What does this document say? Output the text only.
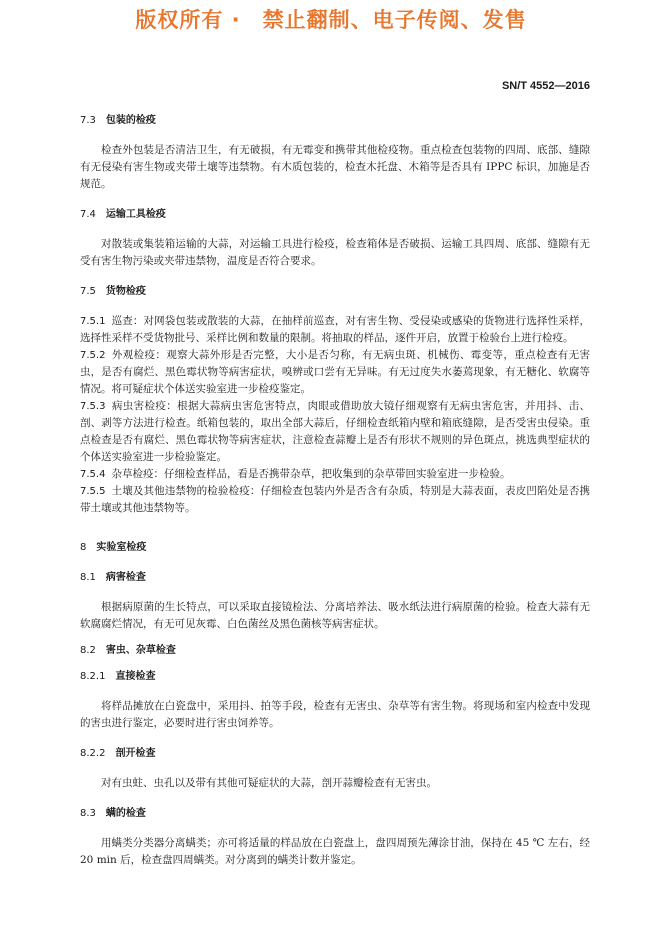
版权所有 ·　禁止翻制、电子传阅、发售
SN/T 4552—2016
7.3 包装的检疫
检查外包装是否清洁卫生，有无破损，有无霉变和携带其他检疫物。重点检查包装物的四周、底部、缝隙有无侵染有害生物或夹带土壤等违禁物。有木质包装的，检查木托盘、木箱等是否具有 IPPC 标识，加施是否规范。
7.4 运输工具检疫
对散装或集装箱运输的大蒜，对运输工具进行检疫，检查箱体是否破损、运输工具四周、底部、缝隙有无受有害生物污染或夹带违禁物，温度是否符合要求。
7.5 货物检疫
7.5.1 巡查：对网袋包装或散装的大蒜，在抽样前巡查，对有害生物、受侵染或感染的货物进行选择性采样，选择性采样不受货物批号、采样比例和数量的限制。将抽取的样品，逐件开启，放置于检验台上进行检疫。
7.5.2 外观检疫：观察大蒜外形是否完整，大小是否匀称，有无病虫斑、机械伤、霉变等，重点检查有无害虫，是否有腐烂、黑色霉状物等病害症状，嗅辨或口尝有无异味。有无过度失水萎蔫现象，有无糖化、软腐等情况。将可疑症状个体送实验室进一步检疫鉴定。
7.5.3 病虫害检疫：根据大蒜病虫害危害特点，肉眼或借助放大镜仔细观察有无病虫害危害，并用抖、击、剖、剥等方法进行检查。纸箱包装的，取出全部大蒜后，仔细检查纸箱内壁和箱底缝隙，是否受害虫侵染。重点检查是否有腐烂、黑色霉状物等病害症状，注意检查蒜瓣上是否有形状不规则的异色斑点，挑选典型症状的个体送实验室进一步检验鉴定。
7.5.4 杂草检疫：仔细检查样品，看是否携带杂草，把收集到的杂草带回实验室进一步检验。
7.5.5 土壤及其他违禁物的检验检疫：仔细检查包装内外是否含有杂质，特别是大蒜表面，表皮凹陷处是否携带土壤或其他违禁物等。
8 实验室检疫
8.1 病害检查
根据病原菌的生长特点，可以采取直接镜检法、分离培养法、吸水纸法进行病原菌的检验。检查大蒜有无软腐腐烂情况，有无可见灰霉、白色菌丝及黑色菌核等病害症状。
8.2 害虫、杂草检查
8.2.1 直接检查
将样品摊放在白瓷盘中，采用抖、拍等手段，检查有无害虫、杂草等有害生物。将现场和室内检查中发现的害虫进行鉴定，必要时进行害虫饲养等。
8.2.2 剖开检查
对有虫蛀、虫孔以及带有其他可疑症状的大蒜，剖开蒜瓣检查有无害虫。
8.3 螨的检查
用螨类分类器分离螨类；亦可将适量的样品放在白瓷盘上，盘四周预先薄涂甘油，保持在 45 ℃ 左右，经 20 min 后，检查盘四周螨类。对分离到的螨类计数并鉴定。
